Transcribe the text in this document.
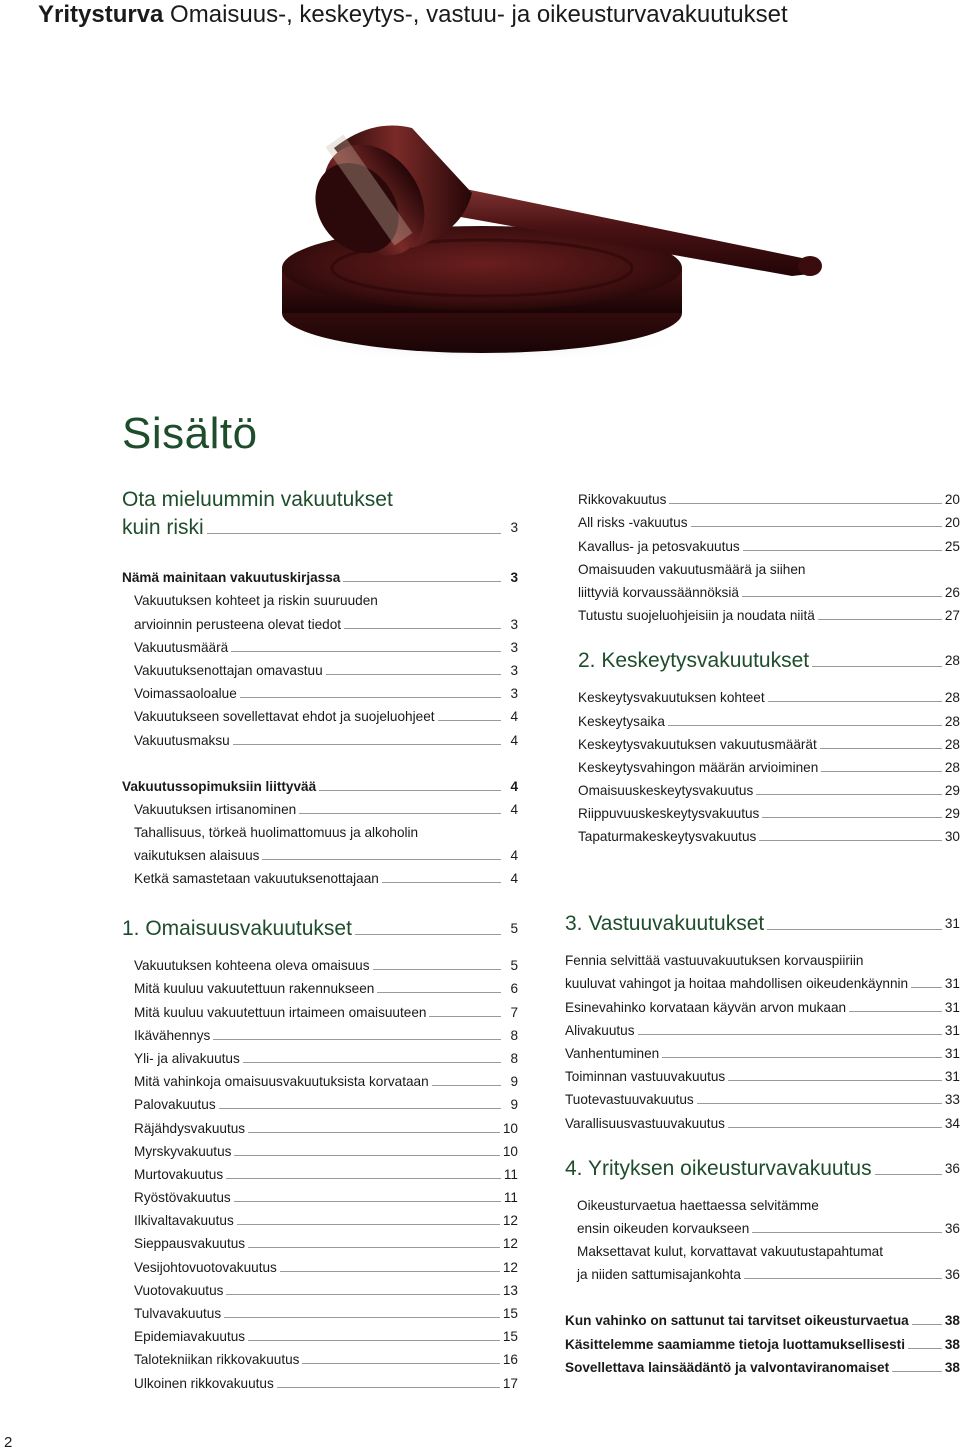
Yritysturva Omaisuus-, keskeytys-, vastuu- ja oikeusturvavakuutukset
Sisältö
Ota mieluummin vakuutukset
kuin riski	3
Nämä mainitaan vakuutuskirjassa	3
Vakuutuksen kohteet ja riskin suuruuden
arvioinnin perusteena olevat tiedot	3
Vakuutusmäärä	3
Vakuutuksenottajan omavastuu	3
Voimassaoloalue	3
Vakuutukseen sovellettavat ehdot ja suojeluohjeet	4
Vakuutusmaksu	4
Vakuutussopimuksiin liittyvää	4
Vakuutuksen irtisanominen	4
Tahallisuus, törkeä huolimattomuus ja alkoholin
vaikutuksen alaisuus	4
Ketkä samastetaan vakuutuksenottajaan	4
Rikkovakuutus	20
All risks -vakuutus	20
Kavallus- ja petosvakuutus	25
Omaisuuden vakuutusmäärä ja siihen
liittyviä korvaussäännöksiä	26
Tutustu suojeluohjeisiin ja noudata niitä	27
2. Keskeytysvakuutukset	28
Keskeytysvakuutuksen kohteet	28
Keskeytysaika	28
Keskeytysvakuutuksen vakuutusmäärät	28
Keskeytysvahingon määrän arvioiminen	28
Omaisuuskeskeytysvakuutus	29
Riippuvuuskeskeytysvakuutus	29
Tapaturmakeskeytysvakuutus	30
1. Omaisuusvakuutukset	5
Vakuutuksen kohteena oleva omaisuus	5
Mitä kuuluu vakuutettuun rakennukseen	6
Mitä kuuluu vakuutettuun irtaimeen omaisuuteen	7
Ikävähennys	8
Yli- ja alivakuutus	8
Mitä vahinkoja omaisuusvakuutuksista korvataan	9
Palovakuutus	9
Räjähdysvakuutus	10
Myrskyvakuutus	10
Murtovakuutus	11
Ryöstövakuutus	11
Ilkivaltavakuutus	12
Sieppausvakuutus	12
Vesijohtovuotovakuutus	12
Vuotovakuutus	13
Tulvavakuutus	15
Epidemiavakuutus	15
Talotekniikan rikkovakuutus	16
Ulkoinen rikkovakuutus	17
3. Vastuuvakuutukset	31
Fennia selvittää vastuuvakuutuksen korvauspiiriin
kuuluvat vahingot ja hoitaa mahdollisen oikeudenkäynnin	31
Esinevahinko korvataan käyvän arvon mukaan	31
Alivakuutus	31
Vanhentuminen	31
Toiminnan vastuuvakuutus	31
Tuotevastuuvakuutus	33
Varallisuusvastuuvakuutus	34
4. Yrityksen oikeusturvavakuutus	36
Oikeusturvaetua haettaessa selvitämme
ensin oikeuden korvaukseen	36
Maksettavat kulut, korvattavat vakuutustapahtumat
ja niiden sattumisajankohta	36
Kun vahinko on sattunut tai tarvitset oikeusturvaetua	38
Käsittelemme saamiamme tietoja luottamuksellisesti	38
Sovellettava lainsäädäntö ja valvontaviranomaiset	38
2
